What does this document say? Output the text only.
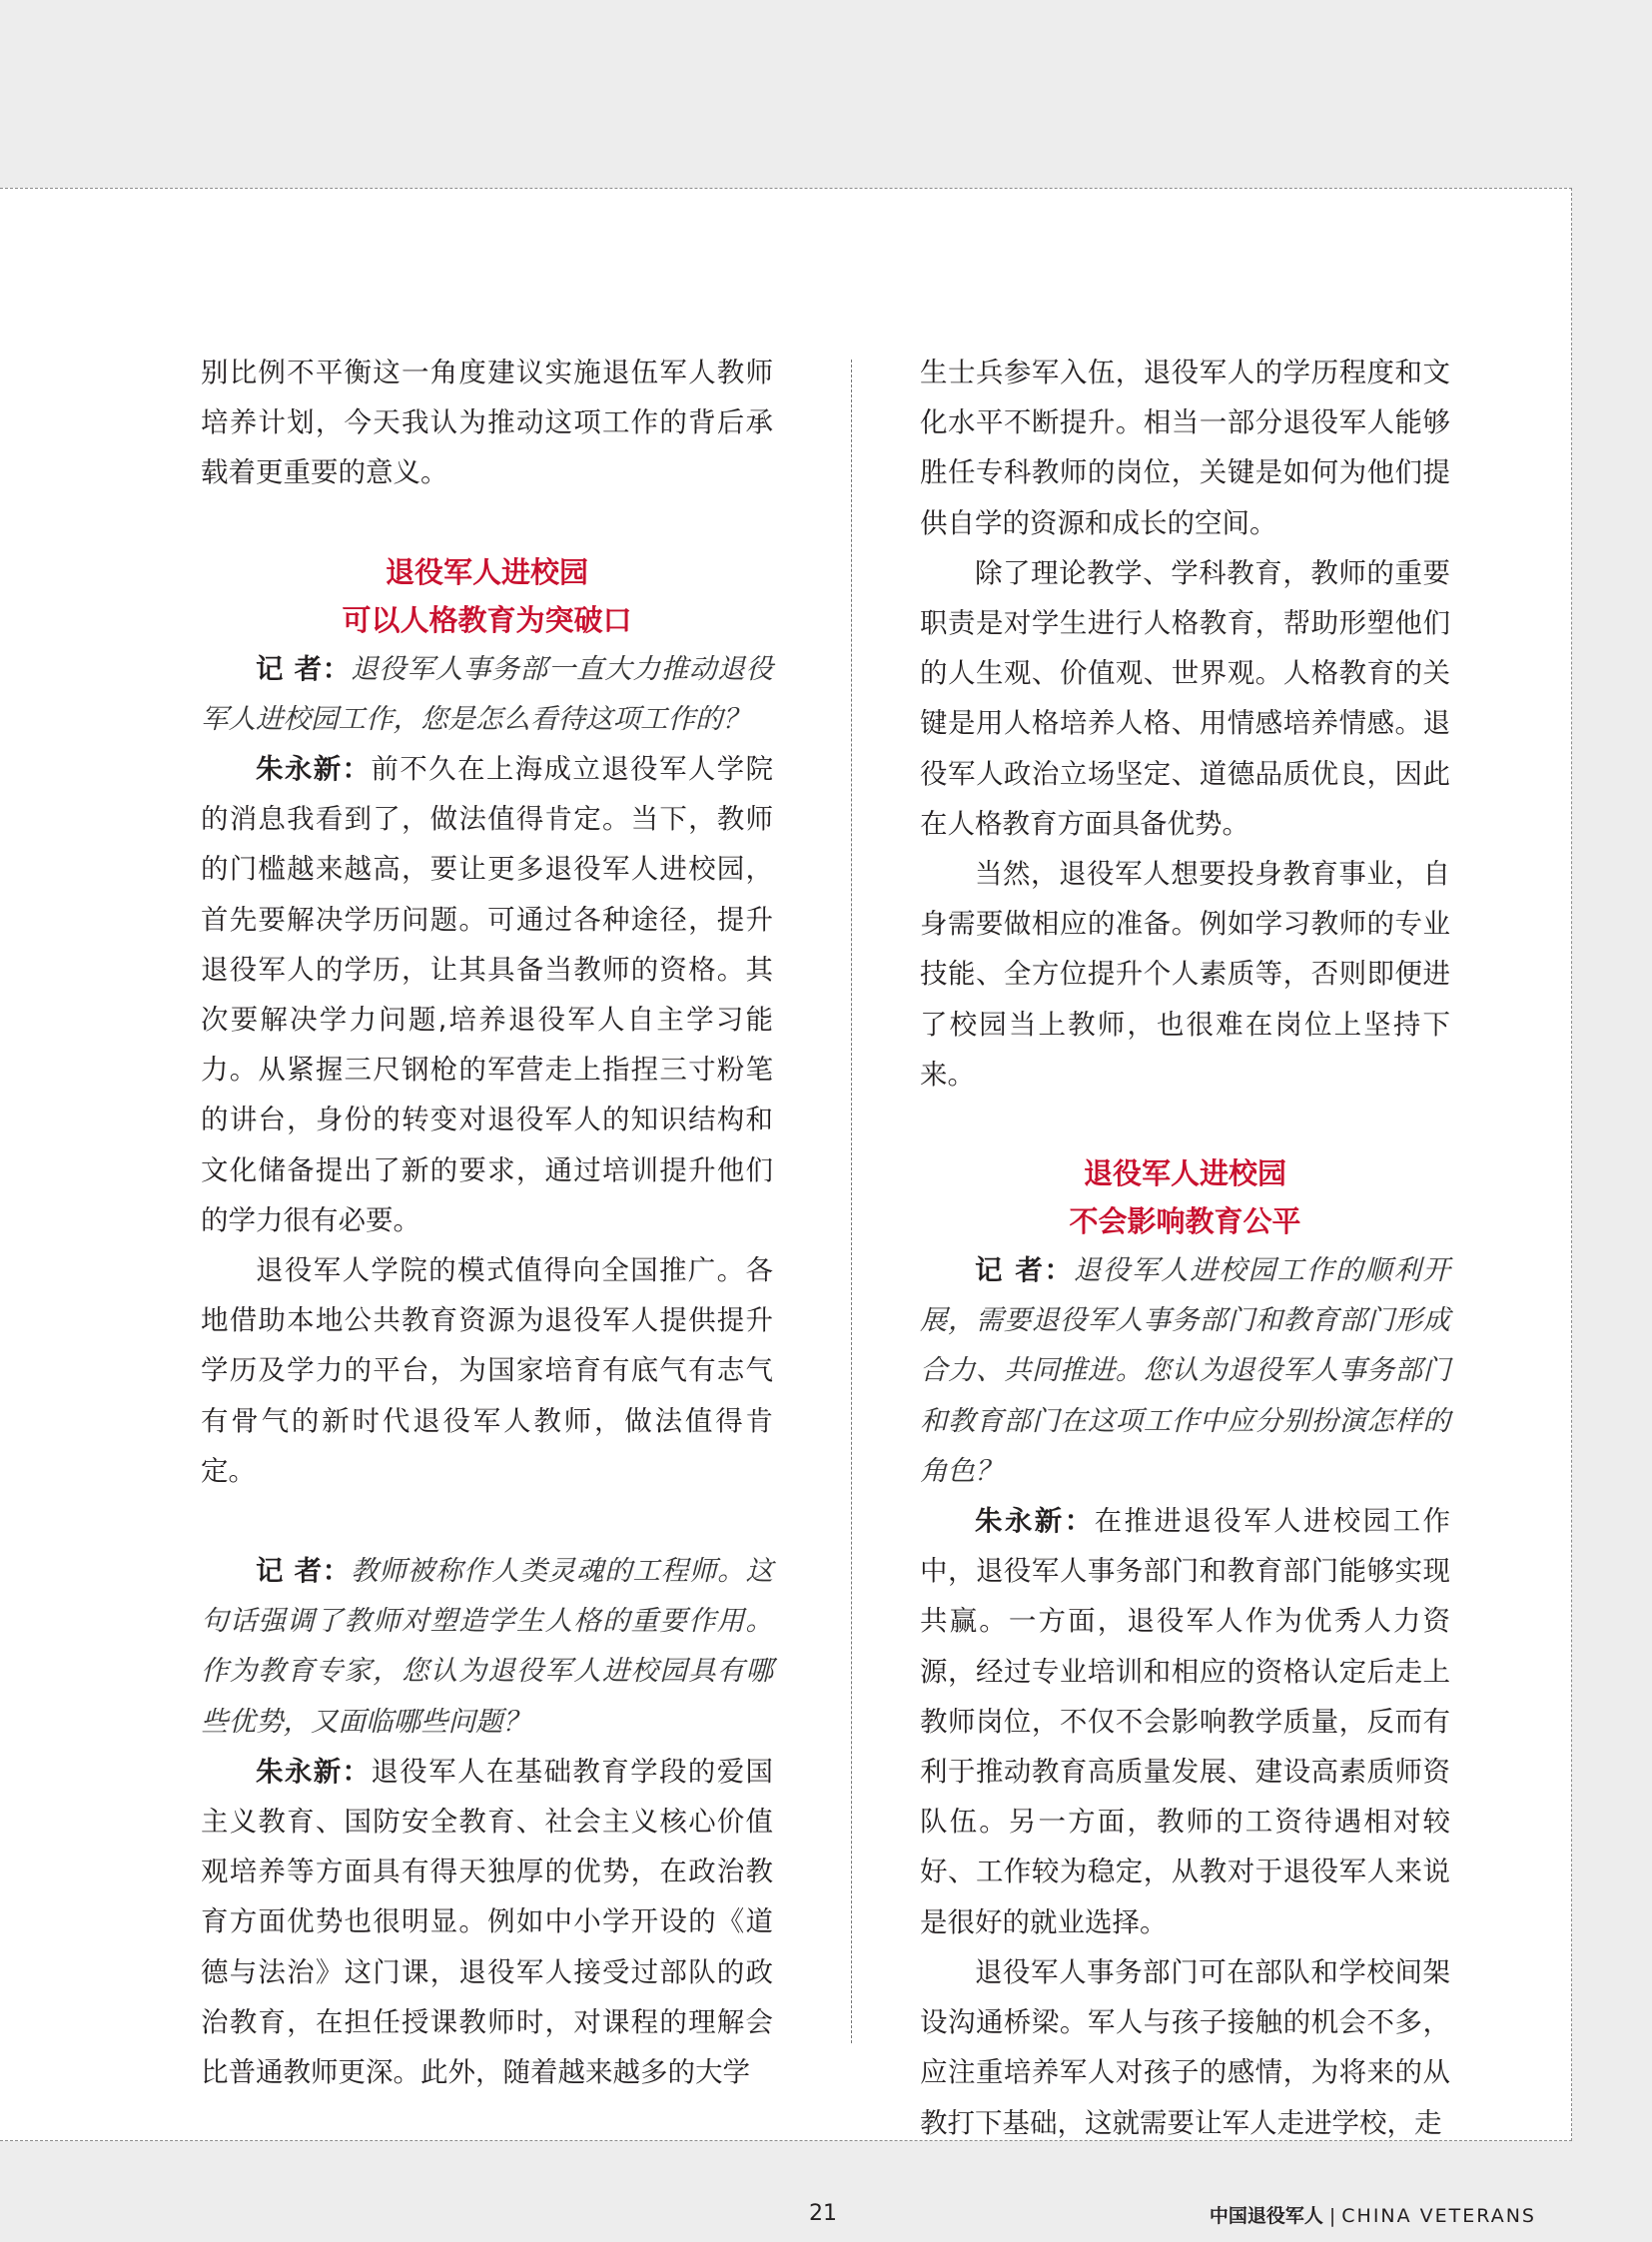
别比例不平衡这一角度建议实施退伍军人教师培养计划，今天我认为推动这项工作的背后承载着更重要的意义。

退役军人进校园
可以人格教育为突破口

记 者：退役军人事务部一直大力推动退役军人进校园工作，您是怎么看待这项工作的？

朱永新：前不久在上海成立退役军人学院的消息我看到了，做法值得肯定。当下，教师的门槛越来越高，要让更多退役军人进校园，首先要解决学历问题。可通过各种途径，提升退役军人的学历，让其具备当教师的资格。其次要解决学力问题,培养退役军人自主学习能力。从紧握三尺钢枪的军营走上指捏三寸粉笔的讲台，身份的转变对退役军人的知识结构和文化储备提出了新的要求，通过培训提升他们的学力很有必要。

退役军人学院的模式值得向全国推广。各地借助本地公共教育资源为退役军人提供提升学历及学力的平台，为国家培育有底气有志气有骨气的新时代退役军人教师，做法值得肯定。

记 者：教师被称作人类灵魂的工程师。这句话强调了教师对塑造学生人格的重要作用。作为教育专家，您认为退役军人进校园具有哪些优势，又面临哪些问题？

朱永新：退役军人在基础教育学段的爱国主义教育、国防安全教育、社会主义核心价值观培养等方面具有得天独厚的优势，在政治教育方面优势也很明显。例如中小学开设的《道德与法治》这门课，退役军人接受过部队的政治教育，在担任授课教师时，对课程的理解会比普通教师更深。此外，随着越来越多的大学

生士兵参军入伍，退役军人的学历程度和文化水平不断提升。相当一部分退役军人能够胜任专科教师的岗位，关键是如何为他们提供自学的资源和成长的空间。

除了理论教学、学科教育，教师的重要职责是对学生进行人格教育，帮助形塑他们的人生观、价值观、世界观。人格教育的关键是用人格培养人格、用情感培养情感。退役军人政治立场坚定、道德品质优良，因此在人格教育方面具备优势。

当然，退役军人想要投身教育事业，自身需要做相应的准备。例如学习教师的专业技能、全方位提升个人素质等，否则即便进了校园当上教师，也很难在岗位上坚持下来。

退役军人进校园
不会影响教育公平

记 者：退役军人进校园工作的顺利开展，需要退役军人事务部门和教育部门形成合力、共同推进。您认为退役军人事务部门和教育部门在这项工作中应分别扮演怎样的角色？

朱永新：在推进退役军人进校园工作中，退役军人事务部门和教育部门能够实现共赢。一方面，退役军人作为优秀人力资源，经过专业培训和相应的资格认定后走上教师岗位，不仅不会影响教学质量，反而有利于推动教育高质量发展、建设高素质师资队伍。另一方面，教师的工资待遇相对较好、工作较为稳定，从教对于退役军人来说是很好的就业选择。

退役军人事务部门可在部队和学校间架设沟通桥梁。军人与孩子接触的机会不多，应注重培养军人对孩子的感情，为将来的从教打下基础，这就需要让军人走进学校，走

21	中国退役军人 | CHINA VETERANS
